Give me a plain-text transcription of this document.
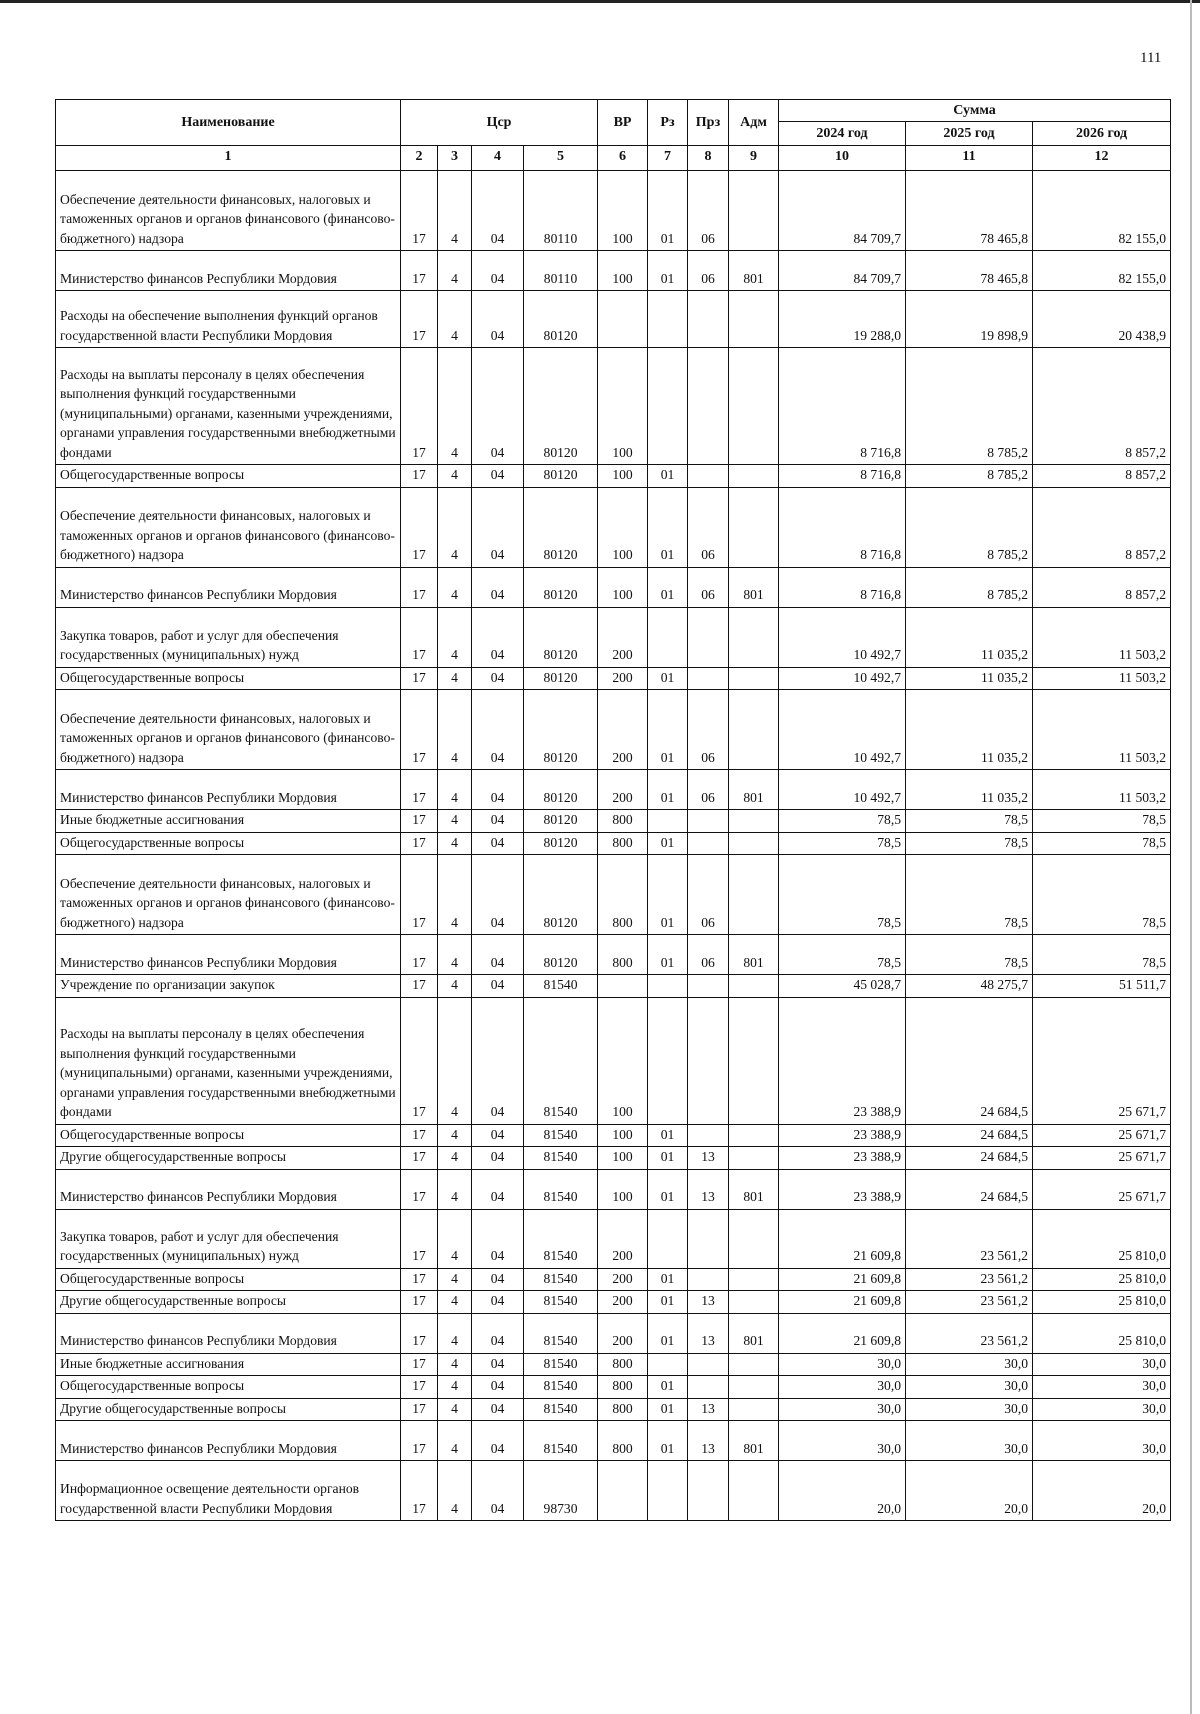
111
Наименование	Цср				ВР	Рз	Прз	Адм	Сумма		
									2024 год	2025 год	2026 год
1	2	3	4	5	6	7	8	9	10	11	12
Обеспечение деятельности финансовых, налоговых и таможенных органов и органов финансового (финансово-бюджетного) надзора	17	4	04	80110	100	01	06		84 709,7	78 465,8	82 155,0
Министерство финансов Республики Мордовия	17	4	04	80110	100	01	06	801	84 709,7	78 465,8	82 155,0
Расходы на обеспечение выполнения функций органов государственной власти Республики Мордовия	17	4	04	80120					19 288,0	19 898,9	20 438,9
Расходы на выплаты персоналу в целях обеспечения выполнения функций государственными (муниципальными) органами, казенными учреждениями, органами управления государственными внебюджетными фондами	17	4	04	80120	100				8 716,8	8 785,2	8 857,2
Общегосударственные вопросы	17	4	04	80120	100	01			8 716,8	8 785,2	8 857,2
Обеспечение деятельности финансовых, налоговых и таможенных органов и органов финансового (финансово-бюджетного) надзора	17	4	04	80120	100	01	06		8 716,8	8 785,2	8 857,2
Министерство финансов Республики Мордовия	17	4	04	80120	100	01	06	801	8 716,8	8 785,2	8 857,2
Закупка товаров, работ и услуг для обеспечения государственных (муниципальных) нужд	17	4	04	80120	200				10 492,7	11 035,2	11 503,2
Общегосударственные вопросы	17	4	04	80120	200	01			10 492,7	11 035,2	11 503,2
Обеспечение деятельности финансовых, налоговых и таможенных органов и органов финансового (финансово-бюджетного) надзора	17	4	04	80120	200	01	06		10 492,7	11 035,2	11 503,2
Министерство финансов Республики Мордовия	17	4	04	80120	200	01	06	801	10 492,7	11 035,2	11 503,2
Иные бюджетные ассигнования	17	4	04	80120	800				78,5	78,5	78,5
Общегосударственные вопросы	17	4	04	80120	800	01			78,5	78,5	78,5
Обеспечение деятельности финансовых, налоговых и таможенных органов и органов финансового (финансово-бюджетного) надзора	17	4	04	80120	800	01	06		78,5	78,5	78,5
Министерство финансов Республики Мордовия	17	4	04	80120	800	01	06	801	78,5	78,5	78,5
Учреждение по организации закупок	17	4	04	81540					45 028,7	48 275,7	51 511,7
Расходы на выплаты персоналу в целях обеспечения выполнения функций государственными (муниципальными) органами, казенными учреждениями, органами управления государственными внебюджетными фондами	17	4	04	81540	100				23 388,9	24 684,5	25 671,7
Общегосударственные вопросы	17	4	04	81540	100	01			23 388,9	24 684,5	25 671,7
Другие общегосударственные вопросы	17	4	04	81540	100	01	13		23 388,9	24 684,5	25 671,7
Министерство финансов Республики Мордовия	17	4	04	81540	100	01	13	801	23 388,9	24 684,5	25 671,7
Закупка товаров, работ и услуг для обеспечения государственных (муниципальных) нужд	17	4	04	81540	200				21 609,8	23 561,2	25 810,0
Общегосударственные вопросы	17	4	04	81540	200	01			21 609,8	23 561,2	25 810,0
Другие общегосударственные вопросы	17	4	04	81540	200	01	13		21 609,8	23 561,2	25 810,0
Министерство финансов Республики Мордовия	17	4	04	81540	200	01	13	801	21 609,8	23 561,2	25 810,0
Иные бюджетные ассигнования	17	4	04	81540	800				30,0	30,0	30,0
Общегосударственные вопросы	17	4	04	81540	800	01			30,0	30,0	30,0
Другие общегосударственные вопросы	17	4	04	81540	800	01	13		30,0	30,0	30,0
Министерство финансов Республики Мордовия	17	4	04	81540	800	01	13	801	30,0	30,0	30,0
Информационное освещение деятельности органов государственной власти Республики Мордовия	17	4	04	98730					20,0	20,0	20,0
